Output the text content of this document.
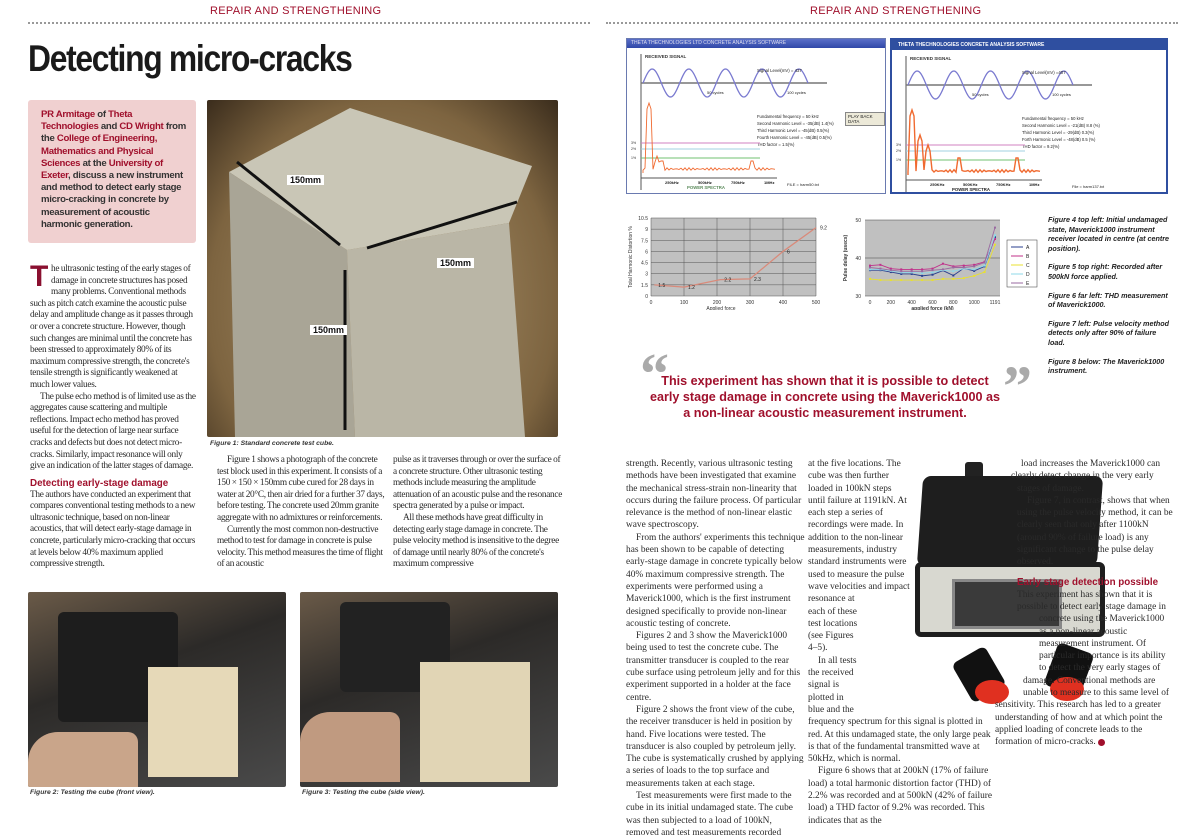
REPAIR AND STRENGTHENING	REPAIR AND STRENGTHENING
Detecting micro-cracks
PR Armitage of Theta Technologies and CD Wright from the College of Engineering, Mathematics and Physical Sciences at the University of Exeter, discuss a new instrument and method to detect early stage micro-cracking in concrete by measurement of acoustic harmonic generation.
150mm
150mm
150mm
Figure 1: Standard concrete test cube.
T he ultrasonic testing of the early stages of damage in concrete structures has posed many problems. Conventional methods such as pitch catch examine the acoustic pulse delay and amplitude change as it passes through or over a concrete structure. However, though such changes are minimal until the concrete has been stressed to approximately 80% of its maximum compressive strength, the concrete's tensile strength is significantly weakened at much lower values.

The pulse echo method is of limited use as the aggregates cause scattering and multiple reflections. Impact echo method has proved useful for the detection of large near surface cracks and defects but does not detect micro-cracks. Similarly, impact resonance will only give an indication of the latter stages of damage.

Detecting early-stage damage

The authors have conducted an experiment that compares conventional testing methods to a new ultrasonic technique, based on non-linear acoustics, that will detect early-stage damage in concrete, particularly micro-cracking that occurs at levels below 40% maximum applied compressive strength.

Figure 1 shows a photograph of the concrete test block used in this experiment. It consists of a 150 × 150 × 150mm cube cured for 28 days in water at 20°C, then air dried for a further 37 days, before testing. The concrete used 20mm granite aggregate with no admixtures or reinforcements.

Currently the most common non-destructive method to test for damage in concrete is pulse velocity. This method measures the time of flight of an acoustic

pulse as it traverses through or over the surface of a concrete structure. Other ultrasonic testing methods include measuring the amplitude attenuation of an acoustic pulse and the resonance spectra generated by a pulse or impact.

All these methods have great difficulty in detecting early stage damage in concrete. The pulse velocity method is insensitive to the degree of damage until nearly 80% of the concrete's maximum compressive

Figure 2: Testing the cube (front view).	Figure 3: Testing the cube (side view).
THETA THECHNOLOGIES LTD CONCRETE ANALYSIS SOFTWARE
RECEIVED SIGNAL
Signal Level(mV) = 437
50 cycles	100 cycles
Fundamental frequency = 50 kHz
Second Harmonic Level = -35(dB) 1.4(%)
Third Harmonic Level = -45(dB) 0.5(%)
Fourth Harmonic Level = -45(dB) 0.5(%)
THD factor = 1.5(%)
3%
2%
1%
250kHz	500kHz	750kHz	1MHz
POWER SPECTRA
FILE = harm50.txt
PLAY BACK DATA
THETA THECHNOLOGIES CONCRETE ANALYSIS SOFTWARE
RECEIVED SIGNAL
Signal Level(mV) =407
50 cycles	100 cycles
Fundamental frequency = 50 kHz
Second Harmonic Level = -21(dB) 8.8 (%)
Third Harmonic Level = -29(dB) 0.3(%)
Forth Harmonic Level = -48(dB) 0.5 (%)
THD factor = 9.2(%)
3%
2%
1%
250KHz	500KHz	750KHz	1MHz
POWER SPECTRA
File = harm137.txt
0
1.5
3
4.5
6
7.5
9
10.5
0	100	200	300	400	500
1.5	1.2
2.2	2.3
6
9.2
Applied force
Total Harmonic Distortion %
30
40
50
0	200 400 600 800 1000 1191
A
B
C
D
E
applied force (kN)
Pulse delay (usecs)
Figure 4 top left: Initial undamaged state, Maverick1000 instrument receiver located in centre (at centre position).
Figure 5 top right: Recorded after 500kN force applied.
Figure 6 far left: THD measurement of Maverick1000.
Figure 7 left: Pulse velocity method detects only after 90% of failure load.
Figure 8 below: The Maverick1000 instrument.
“	”
This experiment has shown that it is possible to detect early stage damage in concrete using the Maverick1000 as a non-linear acoustic measurement instrument.

strength. Recently, various ultrasonic testing methods have been investigated that examine the mechanical stress-strain non-linearity that occurs during the failure process. Of particular relevance is the method of non-linear elastic wave spectroscopy.

From the authors' experiments this technique has been shown to be capable of detecting early-stage damage in concrete typically below 40% maximum compressive strength. The experiments were performed using a Maverick1000, which is the first instrument designed specifically to provide non-linear acoustic testing of concrete.

Figures 2 and 3 show the Maverick1000 being used to test the concrete cube. The transmitter transducer is coupled to the rear cube surface using petroleum jelly and for this experiment supported in a holder at the face centre.

Figure 2 shows the front view of the cube, the receiver transducer is held in position by hand. Five locations were tested. The transducer is also coupled by petroleum jelly. The cube is systematically crushed by applying a series of loads to the top surface and measurements taken at each stage.

Test measurements were first made to the cube in its initial undamaged state. The cube was then subjected to a load of 100kN, removed and test measurements recorded

at the five locations. The cube was then further loaded in 100kN steps until failure at 1191kN. At each step a series of recordings were made. In addition to the non-linear measurements, industry standard instruments were used to measure the pulse wave velocities and impact resonance at each of these test locations (see Figures 4–5).

In all tests the received signal is plotted in blue and the frequency spectrum for this signal is plotted in red. At this undamaged state, the only large peak is that of the fundamental transmitted wave at 50kHz, which is normal.

Figure 6 shows that at 200kN (17% of failure load) a total harmonic distortion factor (THD) of 2.2% was recorded and at 500kN (42% of failure load) a THD factor of 9.2% was recorded. This indicates that as the

load increases the Maverick1000 can clearly detect change in the very early stages of damage.

Figure 7, in contrast, shows that when using the pulse velocity method, it can be clearly seen that only after 1100kN (around 90% of failure load) is any significant change to the pulse delay observed.

Early stage detection possible

This experiment has shown that it is possible to detect early stage damage in concrete using the Maverick1000 as a non-linear acoustic measurement instrument. Of particular importance is its ability to detect the very early stages of damage. Conventional methods are unable to measure to this same level of sensitivity. This research has led to a greater understanding of how and at which point the applied loading of concrete leads to the formation of micro-cracks.
